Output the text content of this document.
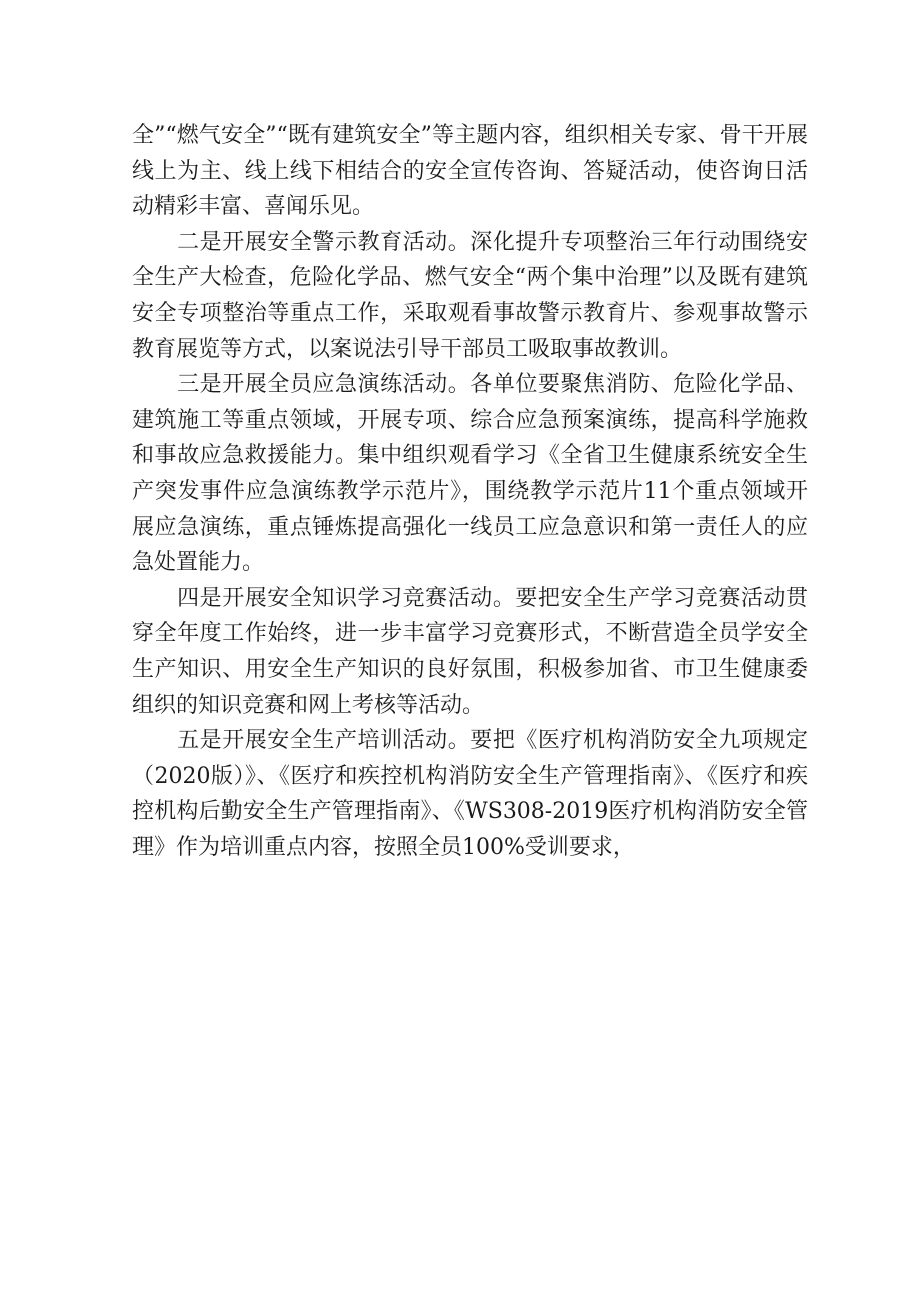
全”“燃气安全”“既有建筑安全”等主题内容，组织相关专家、骨干开展线上为主、线上线下相结合的安全宣传咨询、答疑活动，使咨询日活动精彩丰富、喜闻乐见。

　　二是开展安全警示教育活动。深化提升专项整治三年行动围绕安全生产大检查，危险化学品、燃气安全“两个集中治理”以及既有建筑安全专项整治等重点工作，采取观看事故警示教育片、参观事故警示教育展览等方式，以案说法引导干部员工吸取事故教训。

　　三是开展全员应急演练活动。各单位要聚焦消防、危险化学品、建筑施工等重点领域，开展专项、综合应急预案演练，提高科学施救和事故应急救援能力。集中组织观看学习《全省卫生健康系统安全生产突发事件应急演练教学示范片》，围绕教学示范片11个重点领域开展应急演练，重点锤炼提高强化一线员工应急意识和第一责任人的应急处置能力。

　　四是开展安全知识学习竞赛活动。要把安全生产学习竞赛活动贯穿全年度工作始终，进一步丰富学习竞赛形式，不断营造全员学安全生产知识、用安全生产知识的良好氛围，积极参加省、市卫生健康委组织的知识竞赛和网上考核等活动。

　　五是开展安全生产培训活动。要把《医疗机构消防安全九项规定（2020版）》、《医疗和疾控机构消防安全生产管理指南》、《医疗和疾控机构后勤安全生产管理指南》、《WS308-2019医疗机构消防安全管理》作为培训重点内容，按照全员100%受训要求，
